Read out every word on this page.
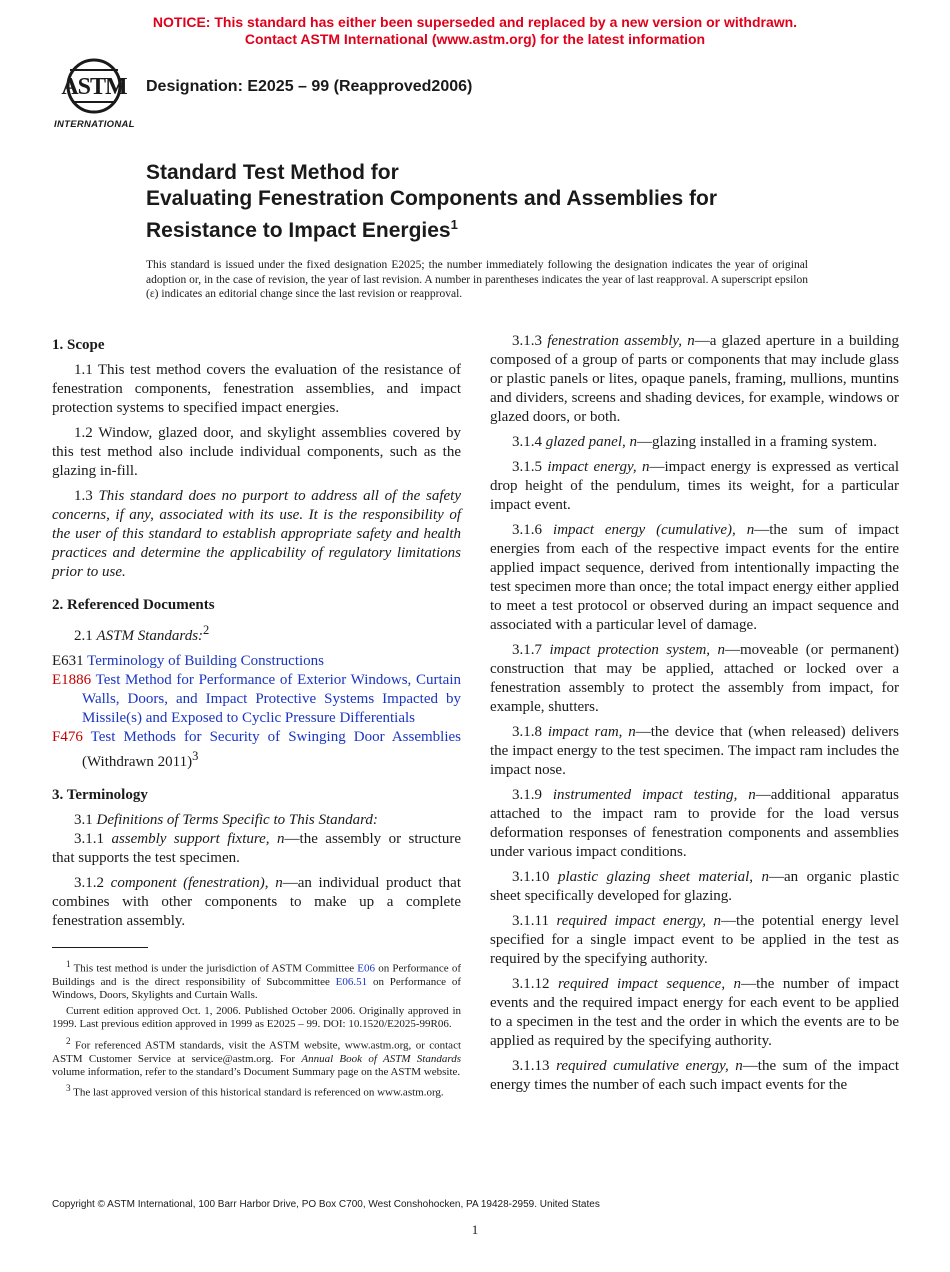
NOTICE: This standard has either been superseded and replaced by a new version or withdrawn.
Contact ASTM International (www.astm.org) for the latest information
ASTM
INTERNATIONAL
Designation: E2025 – 99 (Reapproved2006)
Standard Test Method for
Evaluating Fenestration Components and Assemblies for
Resistance to Impact Energies$^1$
This standard is issued under the fixed designation E2025; the number immediately following the designation indicates the year of original adoption or, in the case of revision, the year of last revision. A number in parentheses indicates the year of last reapproval. A superscript epsilon (ε) indicates an editorial change since the last revision or reapproval.
1. Scope

1.1 This test method covers the evaluation of the resistance of fenestration components, fenestration assemblies, and impact protection systems to specified impact energies.

1.2 Window, glazed door, and skylight assemblies covered by this test method also include individual components, such as the glazing in-fill.

1.3 This standard does no purport to address all of the safety concerns, if any, associated with its use. It is the responsibility of the user of this standard to establish appropriate safety and health practices and determine the applicability of regulatory limitations prior to use.

2. Referenced Documents

2.1 ASTM Standards:$^2$

E631 Terminology of Building Constructions
E1886 Test Method for Performance of Exterior Windows, Curtain Walls, Doors, and Impact Protective Systems Impacted by Missile(s) and Exposed to Cyclic Pressure Differentials
F476 Test Methods for Security of Swinging Door Assemblies (Withdrawn 2011)$^3$
3. Terminology

3.1 Definitions of Terms Specific to This Standard:

3.1.1 assembly support fixture, n—the assembly or structure that supports the test specimen.

3.1.2 component (fenestration), n—an individual product that combines with other components to make up a complete fenestration assembly.

3.1.3 fenestration assembly, n—a glazed aperture in a building composed of a group of parts or components that may include glass or plastic panels or lites, opaque panels, framing, mullions, muntins and dividers, screens and shading devices, for example, windows or glazed doors, or both.

3.1.4 glazed panel, n—glazing installed in a framing system.

3.1.5 impact energy, n—impact energy is expressed as vertical drop height of the pendulum, times its weight, for a particular impact event.

3.1.6 impact energy (cumulative), n—the sum of impact energies from each of the respective impact events for the entire applied impact sequence, derived from intentionally impacting the test specimen more than once; the total impact energy either applied to meet a test protocol or observed during an impact sequence and associated with a particular level of damage.

3.1.7 impact protection system, n—moveable (or permanent) construction that may be applied, attached or locked over a fenestration assembly to protect the assembly from impact, for example, shutters.

3.1.8 impact ram, n—the device that (when released) delivers the impact energy to the test specimen. The impact ram includes the impact nose.

3.1.9 instrumented impact testing, n—additional apparatus attached to the impact ram to provide for the load versus deformation responses of fenestration components and assemblies under various impact conditions.

3.1.10 plastic glazing sheet material, n—an organic plastic sheet specifically developed for glazing.

3.1.11 required impact energy, n—the potential energy level specified for a single impact event to be applied in the test as required by the specifying authority.

3.1.12 required impact sequence, n—the number of impact events and the required impact energy for each event to be applied to a specimen in the test and the order in which the events are to be applied as required by the specifying authority.

3.1.13 required cumulative energy, n—the sum of the impact energy times the number of each such impact events for the

$^1$ This test method is under the jurisdiction of ASTM Committee E06 on Performance of Buildings and is the direct responsibility of Subcommittee E06.51 on Performance of Windows, Doors, Skylights and Curtain Walls.

Current edition approved Oct. 1, 2006. Published October 2006. Originally approved in 1999. Last previous edition approved in 1999 as E2025 – 99. DOI: 10.1520/E2025-99R06.

$^2$ For referenced ASTM standards, visit the ASTM website, www.astm.org, or contact ASTM Customer Service at service@astm.org. For Annual Book of ASTM Standards volume information, refer to the standard’s Document Summary page on the ASTM website.

$^3$ The last approved version of this historical standard is referenced on www.astm.org.

Copyright © ASTM International, 100 Barr Harbor Drive, PO Box C700, West Conshohocken, PA 19428-2959. United States
1
